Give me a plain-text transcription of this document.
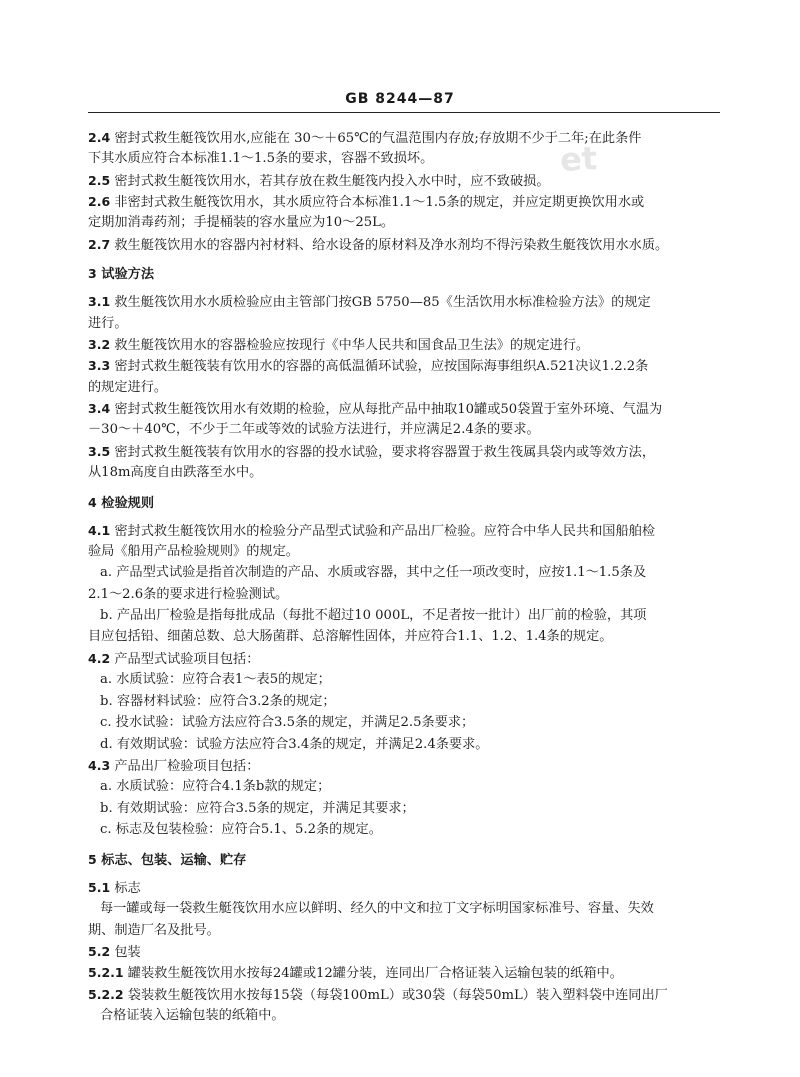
et
GB 8244—87
2.4 密封式救生艇筏饮用水,应能在 30～＋65℃的气温范围内存放;存放期不少于二年;在此条件
下其水质应符合本标准1.1～1.5条的要求，容器不致损坏。
2.5 密封式救生艇筏饮用水，若其存放在救生艇筏内投入水中时，应不致破损。
2.6 非密封式救生艇筏饮用水，其水质应符合本标准1.1～1.5条的规定，并应定期更换饮用水或
定期加消毒药剂；手提桶装的容水量应为10～25L。
2.7 救生艇筏饮用水的容器内衬材料、给水设备的原材料及净水剂均不得污染救生艇筏饮用水水质。
3 试验方法
3.1 救生艇筏饮用水水质检验应由主管部门按GB 5750—85《生活饮用水标准检验方法》的规定
进行。
3.2 救生艇筏饮用水的容器检验应按现行《中华人民共和国食品卫生法》的规定进行。
3.3 密封式救生艇筏装有饮用水的容器的高低温循环试验，应按国际海事组织A.521决议1.2.2条
的规定进行。
3.4 密封式救生艇筏饮用水有效期的检验，应从每批产品中抽取10罐或50袋置于室外环境、气温为
－30～＋40℃，不少于二年或等效的试验方法进行，并应满足2.4条的要求。
3.5 密封式救生艇筏装有饮用水的容器的投水试验，要求将容器置于救生筏属具袋内或等效方法，
从18m高度自由跌落至水中。
4 检验规则
4.1 密封式救生艇筏饮用水的检验分产品型式试验和产品出厂检验。应符合中华人民共和国船舶检
验局《船用产品检验规则》的规定。
a. 产品型式试验是指首次制造的产品、水质或容器，其中之任一项改变时，应按1.1～1.5条及
2.1～2.6条的要求进行检验测试。
b. 产品出厂检验是指每批成品（每批不超过10 000L，不足者按一批计）出厂前的检验，其项
目应包括铅、细菌总数、总大肠菌群、总溶解性固体，并应符合1.1、1.2、1.4条的规定。
4.2 产品型式试验项目包括：
a. 水质试验：应符合表1～表5的规定；
b. 容器材料试验：应符合3.2条的规定；
c. 投水试验：试验方法应符合3.5条的规定，并满足2.5条要求；
d. 有效期试验：试验方法应符合3.4条的规定，并满足2.4条要求。
4.3 产品出厂检验项目包括：
a. 水质试验：应符合4.1条b款的规定；
b. 有效期试验：应符合3.5条的规定，并满足其要求；
c. 标志及包装检验：应符合5.1、5.2条的规定。
5 标志、包装、运输、贮存
5.1 标志
每一罐或每一袋救生艇筏饮用水应以鲜明、经久的中文和拉丁文字标明国家标准号、容量、失效
期、制造厂名及批号。
5.2 包装
5.2.1 罐装救生艇筏饮用水按每24罐或12罐分装，连同出厂合格证装入运输包装的纸箱中。
5.2.2 袋装救生艇筏饮用水按每15袋（每袋100mL）或30袋（每袋50mL）装入塑料袋中连同出厂
合格证装入运输包装的纸箱中。
